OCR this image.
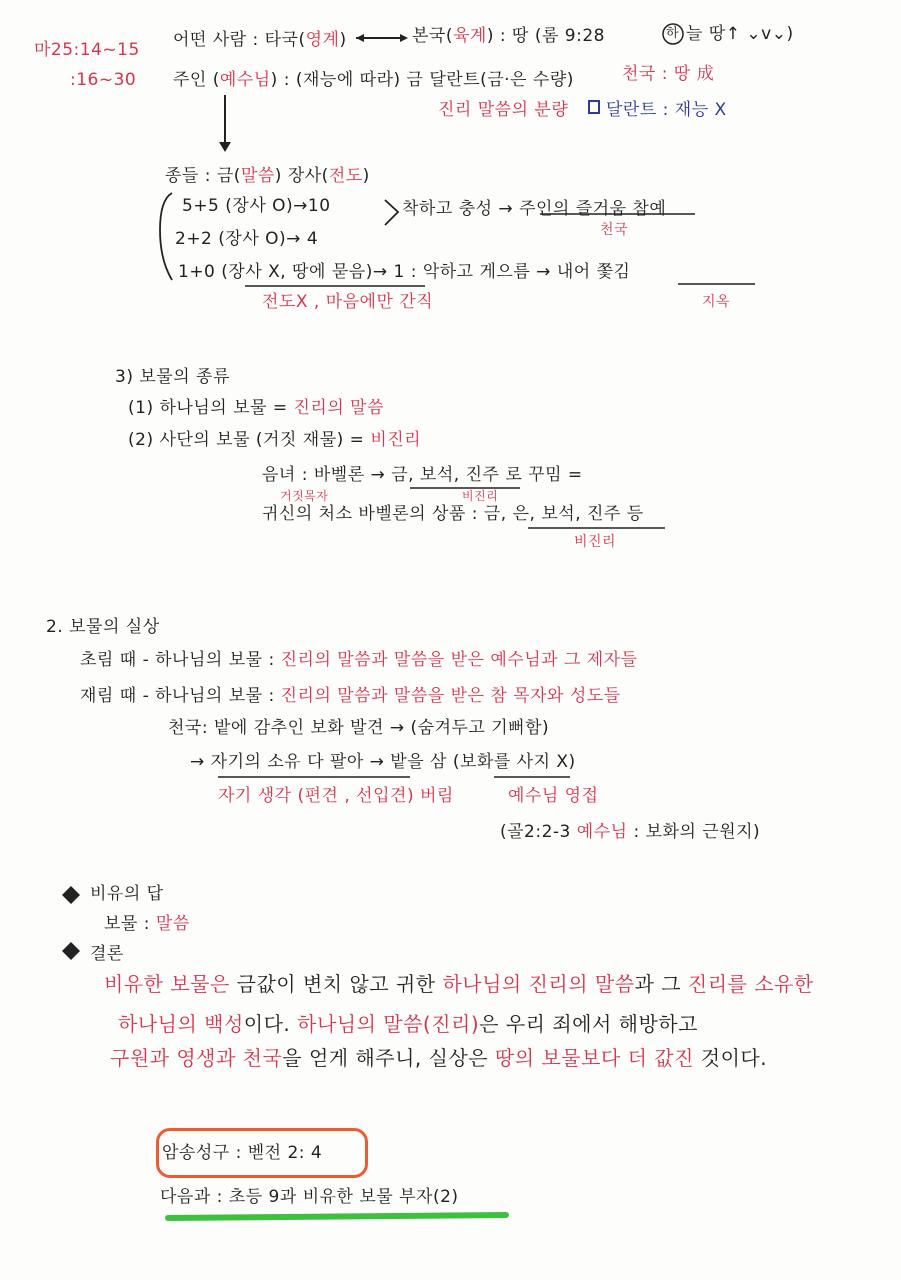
마25:14~15
:16~30
어떤 사람 : 타국(영계)	본국(육계) : 땅 (롬 9:28	하 늘 땅↑ ⌄v⌄)
주인 (예수님) : (재능에 따라) 금 달란트(금·은 수량)	천국 : 땅 成
진리 말씀의 분량 달란트 : 재능 X
종들 : 금(말씀) 장사(전도)
5+5 (장사 O)→10
2+2 (장사 O)→ 4
착하고 충성 → 주인의 즐거움 참예
천국
1+0 (장사 X, 땅에 묻음)→ 1 : 악하고 게으름 → 내어 쫓김
전도X , 마음에만 간직	지옥
3) 보물의 종류
(1) 하나님의 보물 = 진리의 말씀
(2) 사단의 보물 (거짓 재물) = 비진리
음녀 : 바벨론 → 금, 보석, 진주 로 꾸밈 =
거짓목자	비진리
귀신의 처소 바벨론의 상품 : 금, 은, 보석, 진주 등
비진리
2. 보물의 실상
초림 때 - 하나님의 보물 : 진리의 말씀과 말씀을 받은 예수님과 그 제자들
재림 때 - 하나님의 보물 : 진리의 말씀과 말씀을 받은 참 목자와 성도들
천국: 밭에 감추인 보화 발견 → (숨겨두고 기뻐함)
→ 자기의 소유 다 팔아 → 밭을 삼 (보화를 사지 X)
자기 생각 (편견 , 선입견) 버림	예수님 영접
(골2:2-3 예수님 : 보화의 근원지)
비유의 답
보물 : 말씀
결론
비유한 보물은 금값이 변치 않고 귀한 하나님의 진리의 말씀과 그 진리를 소유한
하나님의 백성이다. 하나님의 말씀(진리)은 우리 죄에서 해방하고
구원과 영생과 천국을 얻게 해주니, 실상은 땅의 보물보다 더 값진 것이다.
암송성구 : 벧전 2: 4
다음과 : 초등 9과 비유한 보물 부자(2)
